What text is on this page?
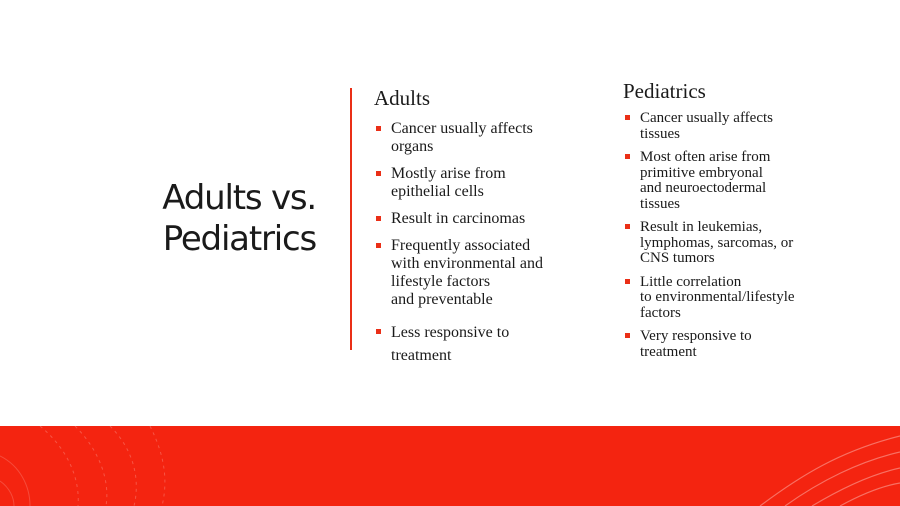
Adults vs.
Pediatrics
Adults
Cancer usually affects
organs
Mostly arise from
epithelial cells
Result in carcinomas
Frequently associated
with environmental and
lifestyle factors
and preventable
Less responsive to
treatment
Pediatrics
Cancer usually affects
tissues
Most often arise from
primitive embryonal
and neuroectodermal
tissues
Result in leukemias,
lymphomas, sarcomas, or
CNS tumors
Little correlation
to environmental/lifestyle
factors
Very responsive to
treatment
